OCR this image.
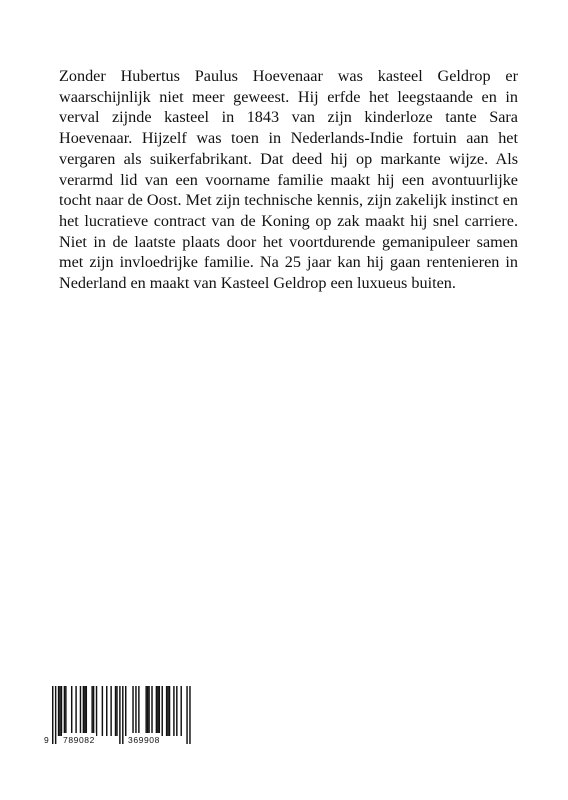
Zonder Hubertus Paulus Hoevenaar was kasteel Geldrop er waarschijnlijk niet meer geweest. Hij erfde het leegstaande en in verval zijnde kasteel in 1843 van zijn kinderloze tante Sara Hoevenaar. Hijzelf was toen in Nederlands-Indie fortuin aan het vergaren als suikerfabrikant. Dat deed hij op markante wijze. Als verarmd lid van een voorname familie maakt hij een avontuurlijke tocht naar de Oost. Met zijn technische kennis, zijn zakelijk instinct en het lucratieve contract van de Koning op zak maakt hij snel carriere. Niet in de laatste plaats door het voortdurende gemanipuleer samen met zijn invloedrijke familie. Na 25 jaar kan hij gaan rentenieren in Nederland en maakt van Kasteel Geldrop een luxueus buiten.

9 789082	369908
